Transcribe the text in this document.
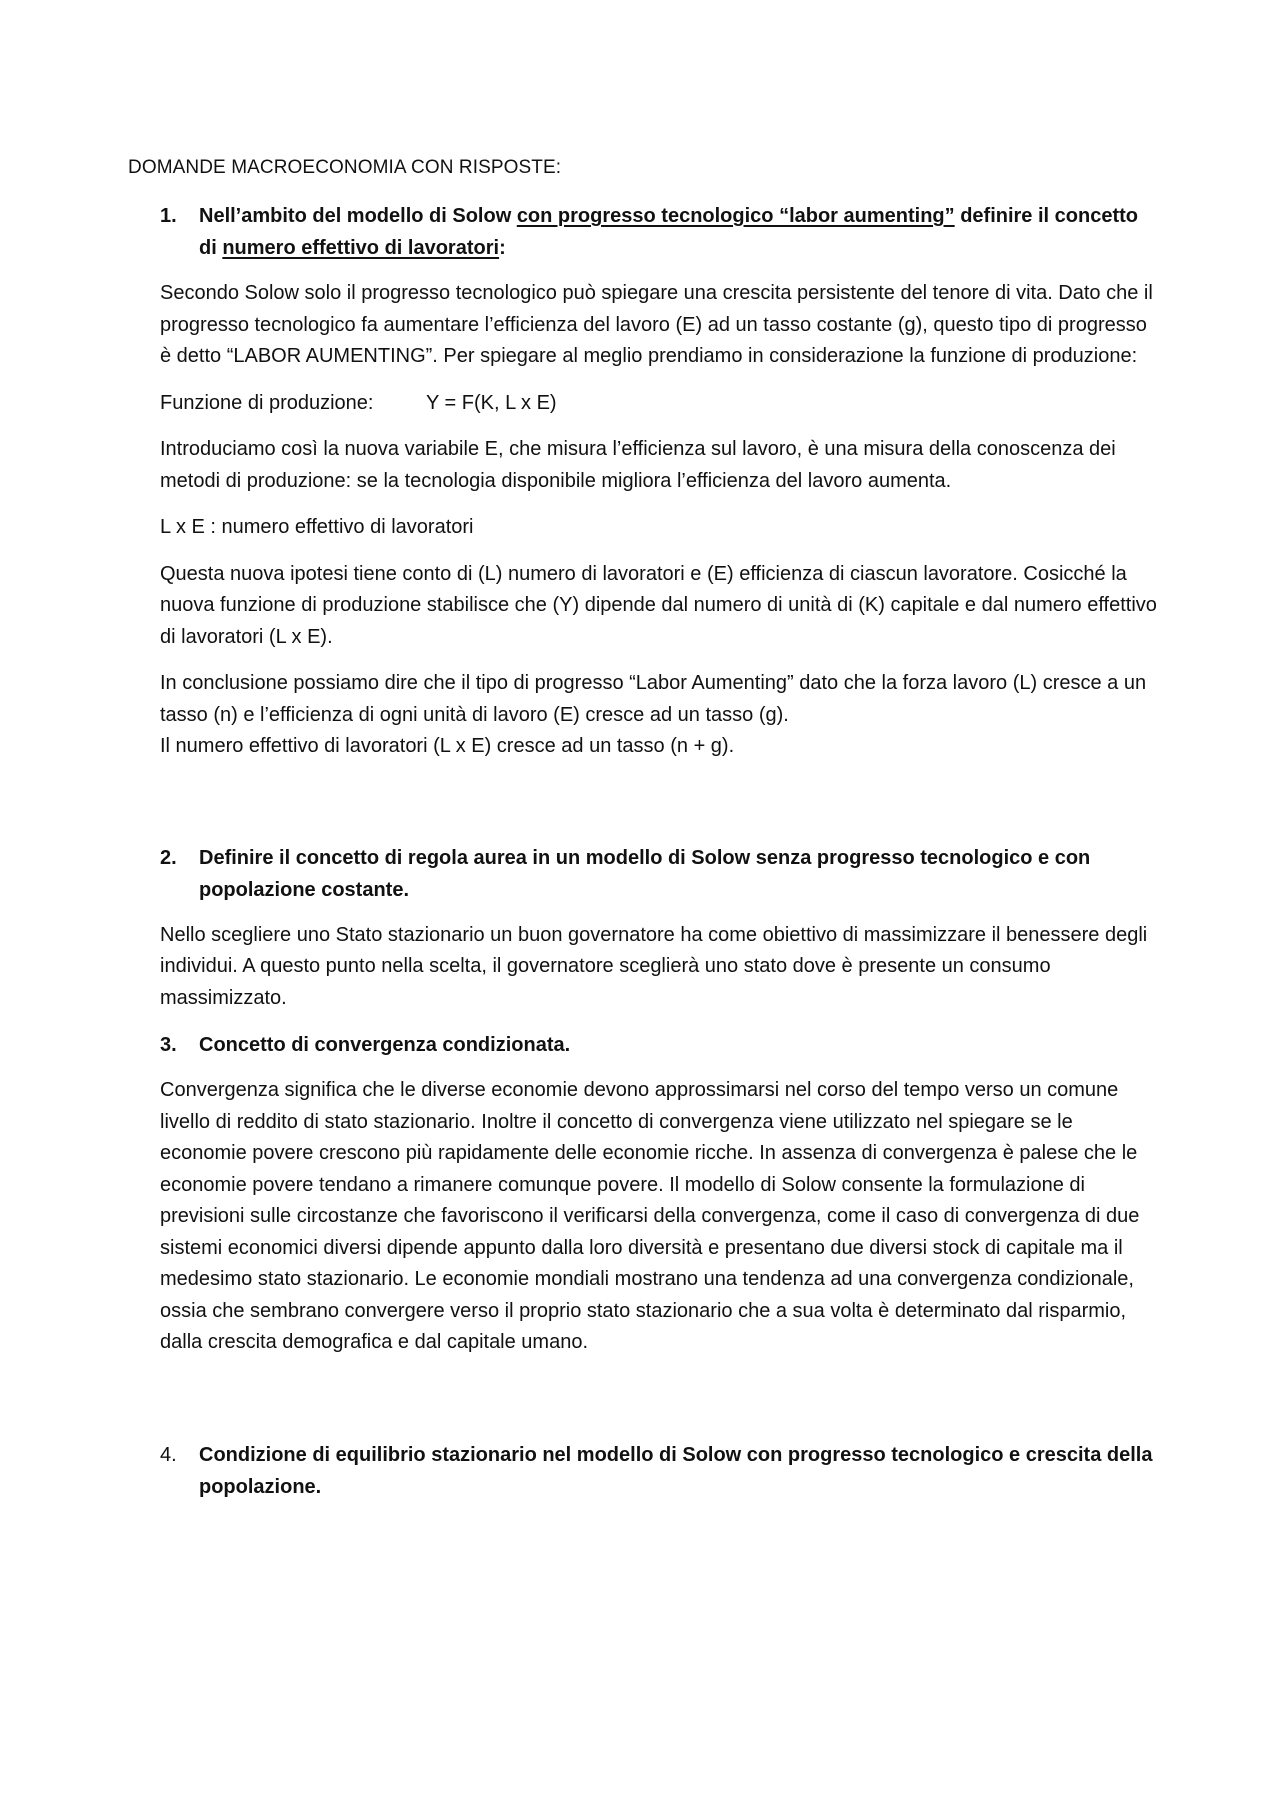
DOMANDE MACROECONOMIA CON RISPOSTE:
1.	Nell’ambito del modello di Solow con progresso tecnologico “labor aumenting” definire il concetto di numero effettivo di lavoratori:

Secondo Solow solo il progresso tecnologico può spiegare una crescita persistente del tenore di vita. Dato che il progresso tecnologico fa aumentare l’efficienza del lavoro (E) ad un tasso costante (g), questo tipo di progresso è detto “LABOR AUMENTING”. Per spiegare al meglio prendiamo in considerazione la funzione di produzione:

Funzione di produzione:	Y = F(K, L x E)

Introduciamo così la nuova variabile E, che misura l’efficienza sul lavoro, è una misura della conoscenza dei metodi di produzione: se la tecnologia disponibile migliora l’efficienza del lavoro aumenta.

L x E : numero effettivo di lavoratori

Questa nuova ipotesi tiene conto di (L) numero di lavoratori e (E) efficienza di ciascun lavoratore. Cosicché la nuova funzione di produzione stabilisce che (Y) dipende dal numero di unità di (K) capitale e dal numero effettivo di lavoratori (L x E).

In conclusione possiamo dire che il tipo di progresso “Labor Aumenting” dato che la forza lavoro (L) cresce a un tasso (n) e l’efficienza di ogni unità di lavoro (E) cresce ad un tasso (g).

Il numero effettivo di lavoratori (L x E) cresce ad un tasso (n + g).

2.	Definire il concetto di regola aurea in un modello di Solow senza progresso tecnologico e con popolazione costante.

Nello scegliere uno Stato stazionario un buon governatore ha come obiettivo di massimizzare il benessere degli individui. A questo punto nella scelta, il governatore sceglierà uno stato dove è presente un consumo massimizzato.

3.	Concetto di convergenza condizionata.

Convergenza significa che le diverse economie devono approssimarsi nel corso del tempo verso un comune livello di reddito di stato stazionario. Inoltre il concetto di convergenza viene utilizzato nel spiegare se le economie povere crescono più rapidamente delle economie ricche. In assenza di convergenza è palese che le economie povere tendano a rimanere comunque povere. Il modello di Solow consente la formulazione di previsioni sulle circostanze che favoriscono il verificarsi della convergenza, come il caso di convergenza di due sistemi economici diversi dipende appunto dalla loro diversità e presentano due diversi stock di capitale ma il medesimo stato stazionario. Le economie mondiali mostrano una tendenza ad una convergenza condizionale, ossia che sembrano convergere verso il proprio stato stazionario che a sua volta è determinato dal risparmio, dalla crescita demografica e dal capitale umano.

4.	Condizione di equilibrio stazionario nel modello di Solow con progresso tecnologico e crescita della popolazione.
